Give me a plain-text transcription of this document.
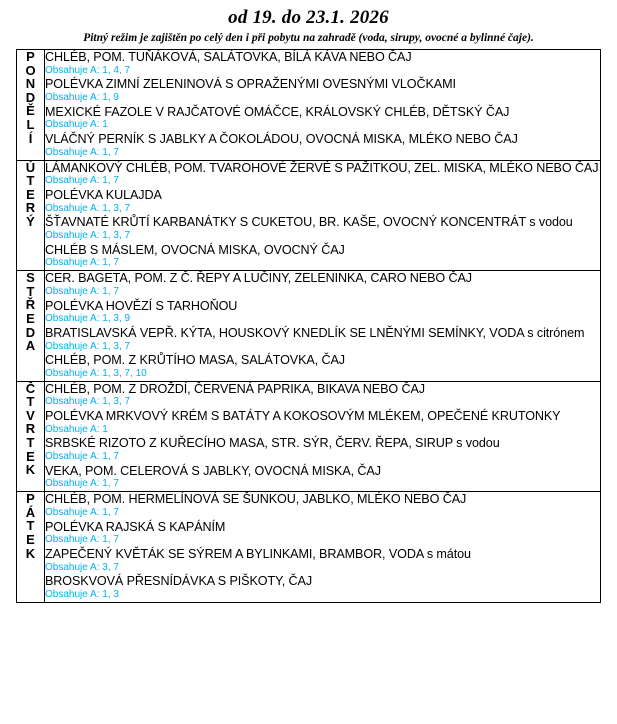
od 19. do 23.1. 2026
Pitný režim je zajištěn po celý den i při pobytu na zahradě (voda, sirupy, ovocné a bylinné čaje).
P
O
N
D
Ě
L
Í

CHLÉB, POM. TUŇÁKOVÁ, SALÁTOVKA, BÍLÁ KÁVA NEBO ČAJ
Obsahuje A: 1, 4, 7
POLÉVKA ZIMNÍ ZELENINOVÁ S OPRAŽENÝMI OVESNÝMI VLOČKAMI
Obsahuje A: 1, 9
MEXICKÉ FAZOLE V RAJČATOVÉ OMÁČCE, KRÁLOVSKÝ CHLÉB, DĚTSKÝ ČAJ
Obsahuje A: 1
VLÁČNÝ PERNÍK S JABLKY A ČOKOLÁDOU, OVOCNÁ MISKA, MLÉKO NEBO ČAJ
Obsahuje A: 1, 7

Ú
T
E
R
Ý

LÁMANKOVÝ CHLÉB, POM. TVAROHOVÉ ŽERVÉ S PAŽITKOU, ZEL. MISKA, MLÉKO NEBO ČAJ
Obsahuje A: 1, 7
POLÉVKA KULAJDA
Obsahuje A: 1, 3, 7
ŠŤAVNATÉ KRŮTÍ KARBANÁTKY S CUKETOU, BR. KAŠE, OVOCNÝ KONCENTRÁT s vodou
Obsahuje A: 1, 3, 7
CHLÉB S MÁSLEM, OVOCNÁ MISKA, OVOCNÝ ČAJ
Obsahuje A: 1, 7

S
T
Ř
E
D
A

CER. BAGETA, POM. Z Č. ŘEPY A LUČINY, ZELENINKA, CARO NEBO ČAJ
Obsahuje A: 1, 7
POLÉVKA HOVĚZÍ S TARHOŇOU
Obsahuje A: 1, 3, 9
BRATISLAVSKÁ VEPŘ. KÝTA, HOUSKOVÝ KNEDLÍK SE LNĚNÝMI SEMÍNKY, VODA s citrónem
Obsahuje A: 1, 3, 7
CHLÉB, POM. Z KRŮTÍHO MASA, SALÁTOVKA, ČAJ
Obsahuje A: 1, 3, 7, 10

Č
T
V
R
T
E
K

CHLÉB, POM. Z DROŽDÍ, ČERVENÁ PAPRIKA, BIKAVA NEBO ČAJ
Obsahuje A: 1, 3, 7
POLÉVKA MRKVOVÝ KRÉM S BATÁTY A KOKOSOVÝM MLÉKEM, OPEČENÉ KRUTONKY
Obsahuje A: 1
SRBSKÉ RIZOTO Z KUŘECÍHO MASA, STR. SÝR, ČERV. ŘEPA, SIRUP s vodou
Obsahuje A: 1, 7
VEKA, POM. CELEROVÁ S JABLKY, OVOCNÁ MISKA, ČAJ
Obsahuje A: 1, 7

P
Á
T
E
K

CHLÉB, POM. HERMELÍNOVÁ SE ŠUNKOU, JABLKO, MLÉKO NEBO ČAJ
Obsahuje A: 1, 7
POLÉVKA RAJSKÁ S KAPÁNÍM
Obsahuje A: 1, 7
ZAPEČENÝ KVĚTÁK SE SÝREM A BYLINKAMI, BRAMBOR, VODA s mátou
Obsahuje A: 3, 7
BROSKVOVÁ PŘESNÍDÁVKA S PIŠKOTY, ČAJ
Obsahuje A: 1, 3
